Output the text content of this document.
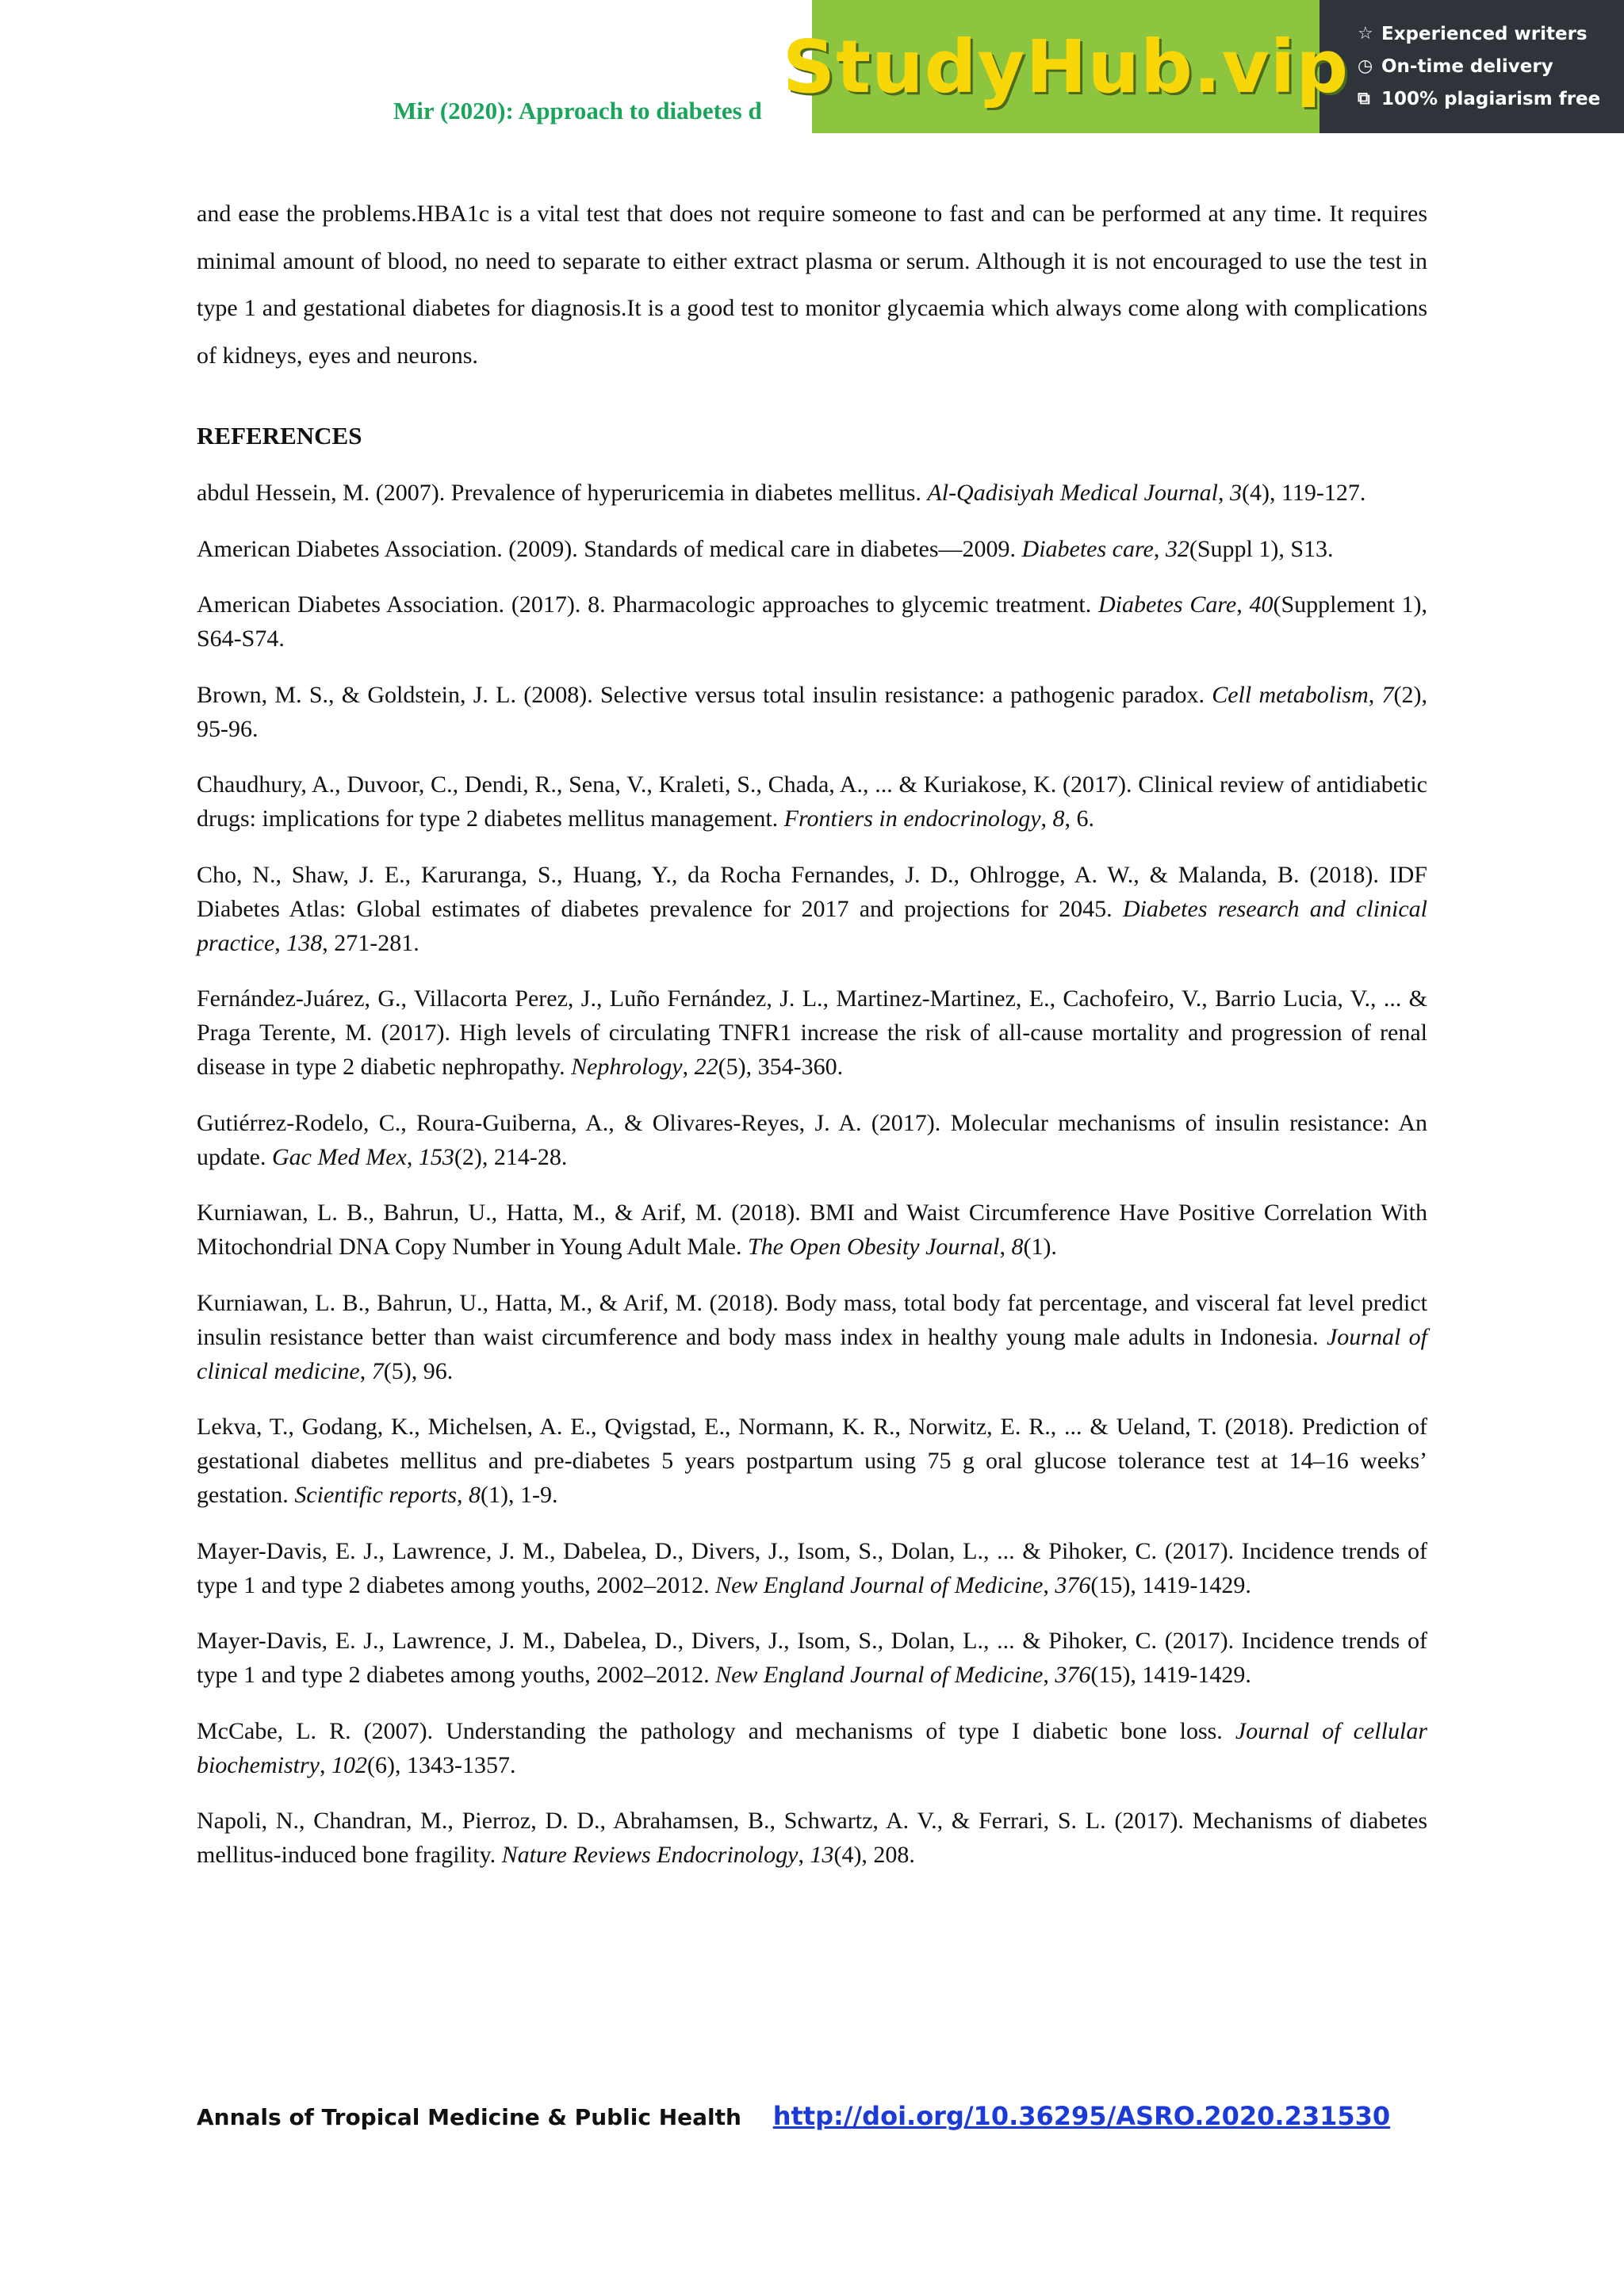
Mir (2020): Approach to diabetes d
StudyHub.vip ☆ Experienced writers
◷ On-time delivery
⧉ 100% plagiarism free

and ease the problems.HBA1c is a vital test that does not require someone to fast and can be performed at any time. It requires minimal amount of blood, no need to separate to either extract plasma or serum. Although it is not encouraged to use the test in type 1 and gestational diabetes for diagnosis.It is a good test to monitor glycaemia which always come along with complications of kidneys, eyes and neurons.

REFERENCES
abdul Hessein, M. (2007). Prevalence of hyperuricemia in diabetes mellitus. Al-Qadisiyah Medical Journal, 3(4), 119-127.
American Diabetes Association. (2009). Standards of medical care in diabetes—2009. Diabetes care, 32(Suppl 1), S13.
American Diabetes Association. (2017). 8. Pharmacologic approaches to glycemic treatment. Diabetes Care, 40(Supplement 1), S64-S74.
Brown, M. S., & Goldstein, J. L. (2008). Selective versus total insulin resistance: a pathogenic paradox. Cell metabolism, 7(2), 95-96.
Chaudhury, A., Duvoor, C., Dendi, R., Sena, V., Kraleti, S., Chada, A., ... & Kuriakose, K. (2017). Clinical review of antidiabetic drugs: implications for type 2 diabetes mellitus management. Frontiers in endocrinology, 8, 6.
Cho, N., Shaw, J. E., Karuranga, S., Huang, Y., da Rocha Fernandes, J. D., Ohlrogge, A. W., & Malanda, B. (2018). IDF Diabetes Atlas: Global estimates of diabetes prevalence for 2017 and projections for 2045. Diabetes research and clinical practice, 138, 271-281.
Fernández‐Juárez, G., Villacorta Perez, J., Luño Fernández, J. L., Martinez‐Martinez, E., Cachofeiro, V., Barrio Lucia, V., ... & Praga Terente, M. (2017). High levels of circulating TNFR1 increase the risk of all‐cause mortality and progression of renal disease in type 2 diabetic nephropathy. Nephrology, 22(5), 354-360.
Gutiérrez-Rodelo, C., Roura-Guiberna, A., & Olivares-Reyes, J. A. (2017). Molecular mechanisms of insulin resistance: An update. Gac Med Mex, 153(2), 214-28.
Kurniawan, L. B., Bahrun, U., Hatta, M., & Arif, M. (2018). BMI and Waist Circumference Have Positive Correlation With Mitochondrial DNA Copy Number in Young Adult Male. The Open Obesity Journal, 8(1).
Kurniawan, L. B., Bahrun, U., Hatta, M., & Arif, M. (2018). Body mass, total body fat percentage, and visceral fat level predict insulin resistance better than waist circumference and body mass index in healthy young male adults in Indonesia. Journal of clinical medicine, 7(5), 96.
Lekva, T., Godang, K., Michelsen, A. E., Qvigstad, E., Normann, K. R., Norwitz, E. R., ... & Ueland, T. (2018). Prediction of gestational diabetes mellitus and pre-diabetes 5 years postpartum using 75 g oral glucose tolerance test at 14–16 weeks’ gestation. Scientific reports, 8(1), 1-9.
Mayer-Davis, E. J., Lawrence, J. M., Dabelea, D., Divers, J., Isom, S., Dolan, L., ... & Pihoker, C. (2017). Incidence trends of type 1 and type 2 diabetes among youths, 2002–2012. New England Journal of Medicine, 376(15), 1419-1429.
Mayer-Davis, E. J., Lawrence, J. M., Dabelea, D., Divers, J., Isom, S., Dolan, L., ... & Pihoker, C. (2017). Incidence trends of type 1 and type 2 diabetes among youths, 2002–2012. New England Journal of Medicine, 376(15), 1419-1429.
McCabe, L. R. (2007). Understanding the pathology and mechanisms of type I diabetic bone loss. Journal of cellular biochemistry, 102(6), 1343-1357.
Napoli, N., Chandran, M., Pierroz, D. D., Abrahamsen, B., Schwartz, A. V., & Ferrari, S. L. (2017). Mechanisms of diabetes mellitus-induced bone fragility. Nature Reviews Endocrinology, 13(4), 208.
Annals of Tropical Medicine & Public Health http://doi.org/10.36295/ASRO.2020.231530
